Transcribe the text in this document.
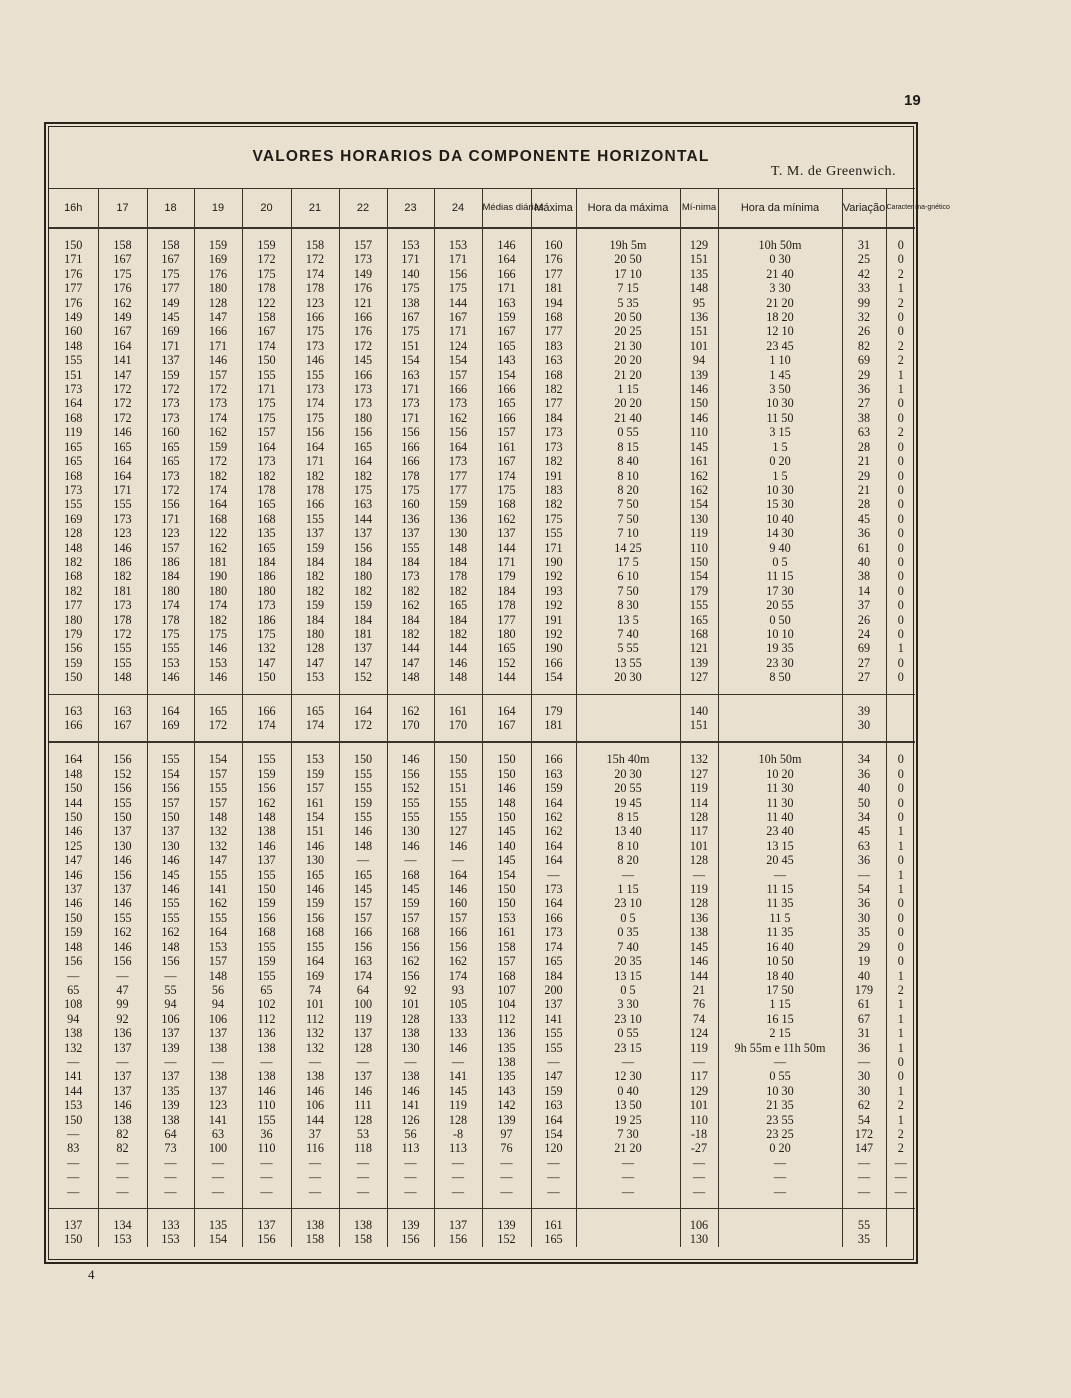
19
4
VALORES HORARIOS DA COMPONENTE HORIZONTAL
T. M. de Greenwich.
16h	17	18	19	20	21	22	23	24	Médias diárias	Máxima	Hora da máxima	Mí-nima	Hora da mínima	Variação	Caracter ma-gnético

150	158	158	159	159	158	157	153	153	146	160	19h 5m	129	10h 50m	31	0
171	167	167	169	172	172	173	171	171	164	176	20 50	151	0 30	25	0
176	175	175	176	175	174	149	140	156	166	177	17 10	135	21 40	42	2
177	176	177	180	178	178	176	175	175	171	181	7 15	148	3 30	33	1
176	162	149	128	122	123	121	138	144	163	194	5 35	95	21 20	99	2
149	149	145	147	158	166	166	167	167	159	168	20 50	136	18 20	32	0
160	167	169	166	167	175	176	175	171	167	177	20 25	151	12 10	26	0
148	164	171	171	174	173	172	151	124	165	183	21 30	101	23 45	82	2
155	141	137	146	150	146	145	154	154	143	163	20 20	94	1 10	69	2
151	147	159	157	155	155	166	163	157	154	168	21 20	139	1 45	29	1
173	172	172	172	171	173	173	171	166	166	182	1 15	146	3 50	36	1
164	172	173	173	175	174	173	173	173	165	177	20 20	150	10 30	27	0
168	172	173	174	175	175	180	171	162	166	184	21 40	146	11 50	38	0
119	146	160	162	157	156	156	156	156	157	173	0 55	110	3 15	63	2
165	165	165	159	164	164	165	166	164	161	173	8 15	145	1 5	28	0
165	164	165	172	173	171	164	166	173	167	182	8 40	161	0 20	21	0
168	164	173	182	182	182	182	178	177	174	191	8 10	162	1 5	29	0
173	171	172	174	178	178	175	175	177	175	183	8 20	162	10 30	21	0
155	155	156	164	165	166	163	160	159	168	182	7 50	154	15 30	28	0
169	173	171	168	168	155	144	136	136	162	175	7 50	130	10 40	45	0
128	123	123	122	135	137	137	137	130	137	155	7 10	119	14 30	36	0
148	146	157	162	165	159	156	155	148	144	171	14 25	110	9 40	61	0
182	186	186	181	184	184	184	184	184	171	190	17 5	150	0 5	40	0
168	182	184	190	186	182	180	173	178	179	192	6 10	154	11 15	38	0
182	181	180	180	180	182	182	182	182	184	193	7 50	179	17 30	14	0
177	173	174	174	173	159	159	162	165	178	192	8 30	155	20 55	37	0
180	178	178	182	186	184	184	184	184	177	191	13 5	165	0 50	26	0
179	172	175	175	175	180	181	182	182	180	192	7 40	168	10 10	24	0
156	155	155	146	132	128	137	144	144	165	190	5 55	121	19 35	69	1
159	155	153	153	147	147	147	147	146	152	166	13 55	139	23 30	27	0
150	148	146	146	150	153	152	148	148	144	154	20 30	127	8 50	27	0

163	163	164	165	166	165	164	162	161	164	179		140		39	
166	167	169	172	174	174	172	170	170	167	181		151		30	

164	156	155	154	155	153	150	146	150	150	166	15h 40m	132	10h 50m	34	0
148	152	154	157	159	159	155	156	155	150	163	20 30	127	10 20	36	0
150	156	156	155	156	157	155	152	151	146	159	20 55	119	11 30	40	0
144	155	157	157	162	161	159	155	155	148	164	19 45	114	11 30	50	0
150	150	150	148	148	154	155	155	155	150	162	8 15	128	11 40	34	0
146	137	137	132	138	151	146	130	127	145	162	13 40	117	23 40	45	1
125	130	130	132	146	146	148	146	146	140	164	8 10	101	13 15	63	1
147	146	146	147	137	130	—	—	—	145	164	8 20	128	20 45	36	0
146	156	145	155	155	165	165	168	164	154	—	—	—	—	—	1
137	137	146	141	150	146	145	145	146	150	173	1 15	119	11 15	54	1
146	146	155	162	159	159	157	159	160	150	164	23 10	128	11 35	36	0
150	155	155	155	156	156	157	157	157	153	166	0 5	136	11 5	30	0
159	162	162	164	168	168	166	168	166	161	173	0 35	138	11 35	35	0
148	146	148	153	155	155	156	156	156	158	174	7 40	145	16 40	29	0
156	156	156	157	159	164	163	162	162	157	165	20 35	146	10 50	19	0
—	—	—	148	155	169	174	156	174	168	184	13 15	144	18 40	40	1
65	47	55	56	65	74	64	92	93	107	200	0 5	21	17 50	179	2
108	99	94	94	102	101	100	101	105	104	137	3 30	76	1 15	61	1
94	92	106	106	112	112	119	128	133	112	141	23 10	74	16 15	67	1
138	136	137	137	136	132	137	138	133	136	155	0 55	124	2 15	31	1
132	137	139	138	138	132	128	130	146	135	155	23 15	119	9h 55m e 11h 50m	36	1
—	—	—	—	—	—	—	—	—	138	—	—	—	—	—	0
141	137	137	138	138	138	137	138	141	135	147	12 30	117	0 55	30	0
144	137	135	137	146	146	146	146	145	143	159	0 40	129	10 30	30	1
153	146	139	123	110	106	111	141	119	142	163	13 50	101	21 35	62	2
150	138	138	141	155	144	128	126	128	139	164	19 25	110	23 55	54	1
—	82	64	63	36	37	53	56	-8	97	154	7 30	-18	23 25	172	2
83	82	73	100	110	116	118	113	113	76	120	21 20	-27	0 20	147	2
—	—	—	—	—	—	—	—	—	—	—	—	—	—	—	—
—	—	—	—	—	—	—	—	—	—	—	—	—	—	—	—
—	—	—	—	—	—	—	—	—	—	—	—	—	—	—	—

137	134	133	135	137	138	138	139	137	139	161		106		55	
150	153	153	154	156	158	158	156	156	152	165		130		35	
